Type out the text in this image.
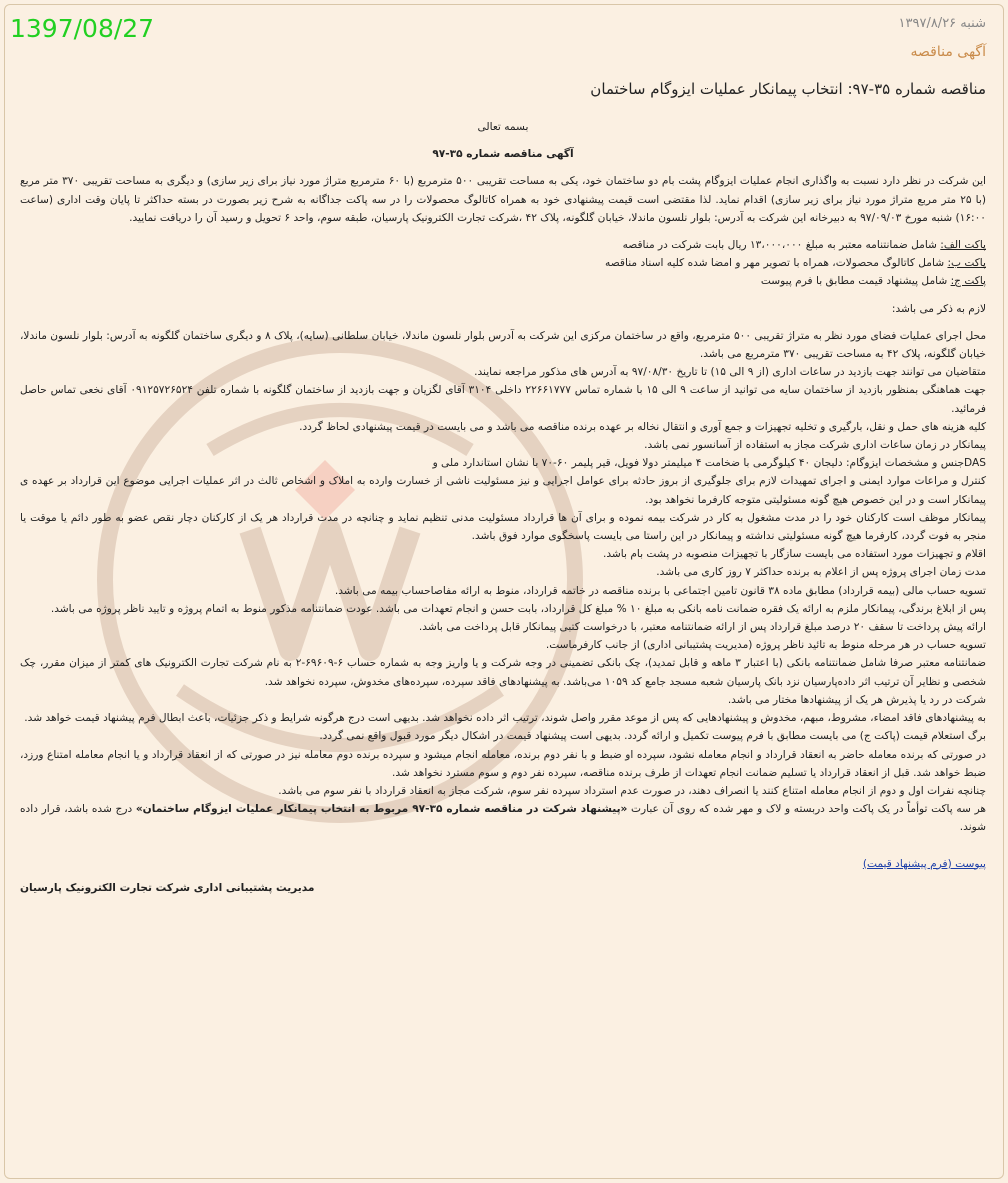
1397/08/27	شنبه ۱۳۹۷/۸/۲۶
آگهی مناقصه
مناقصه شماره ۳۵-۹۷: انتخاب پیمانکار عملیات ایزوگام ساختمان

بسمه تعالی

آگهی مناقصه شماره ۳۵-۹۷

این شرکت در نظر دارد نسبت به واگذاری انجام عملیات ایزوگام پشت بام دو ساختمان خود، یکی به مساحت تقریبی ۵۰۰ مترمربع (با ۶۰ مترمربع متراژ مورد نیاز برای زیر سازی) و دیگری به مساحت تقریبی ۳۷۰ متر مربع (با ۲۵ متر مربع متراژ مورد نیاز برای زیر سازی) اقدام نماید. لذا مقتضی است قیمت پیشنهادی خود به همراه کاتالوگ محصولات را در سه پاکت جداگانه به شرح زیر بصورت در بسته حداکثر تا پایان وقت اداری (ساعت ۱۶:۰۰) شنبه مورخ ۹۷/۰۹/۰۳ به دبیرخانه این شرکت به آدرس: بلوار نلسون ماندلا، خیابان گلگونه، پلاک ۴۲ ،شرکت تجارت الکترونیک پارسیان، طبقه سوم، واحد ۶ تحویل و رسید آن را دریافت نمایید.

پاکت الف: شامل ضمانتنامه معتبر به مبلغ ۱۳،۰۰۰،۰۰۰ ریال بابت شرکت در مناقصه

پاکت ب: شامل کاتالوگ محصولات، همراه با تصویر مهر و امضا شده کلیه اسناد مناقصه

پاکت ج: شامل پیشنهاد قیمت مطابق با فرم پیوست

لازم به ذکر می باشد:

محل اجرای عملیات فضای مورد نظر به متراژ تقریبی ۵۰۰ مترمربع، واقع در ساختمان مرکزی این شرکت به آدرس بلوار نلسون ماندلا، خیابان سلطانی (سایه)، پلاک ۸ و دیگری ساختمان گلگونه به آدرس: بلوار نلسون ماندلا، خیابان گلگونه، پلاک ۴۲ به مساحت تقریبی ۳۷۰ مترمربع می باشد.

متقاضیان می توانند جهت بازدید در ساعات اداری (از ۹ الی ۱۵) تا تاریخ ۹۷/۰۸/۳۰ به آدرس های مذکور مراجعه نمایند.

جهت هماهنگی بمنظور بازدید از ساختمان سایه می توانید از ساعت ۹ الی ۱۵ با شماره تماس ۲۲۶۶۱۷۷۷ داخلی ۳۱۰۴ آقای لگزیان و جهت بازدید از ساختمان گلگونه با شماره تلفن ۰۹۱۲۵۷۲۶۵۲۴ آقای نخعی تماس حاصل فرمائید.

کلیه هزینه های حمل و نقل، بارگیری و تخلیه تجهیزات و جمع آوری و انتقال نخاله بر عهده برنده مناقصه می باشد و می بایست در قیمت پیشنهادی لحاظ گردد.

پیمانکار در زمان ساعات اداری شرکت مجاز به استفاده از آسانسور نمی باشد.

DASجنس و مشخصات ایزوگام: دلیجان ۴۰ کیلوگرمی با ضخامت ۴ میلیمتر دولا فویل، قیر پلیمر ۶۰-۷۰ با نشان استاندارد ملی و

کنترل و مراعات موارد ایمنی و اجرای تمهیدات لازم برای جلوگیری از بروز حادثه برای عوامل اجرایی و نیز مسئولیت ناشی از خسارت وارده به املاک و اشخاص ثالث در اثر عملیات اجرایی موضوع این قرارداد بر عهده ی پیمانکار است و در این خصوص هیچ گونه مسئولیتی متوجه کارفرما نخواهد بود.

پیمانکار موظف است کارکنان خود را در مدت مشغول به کار در شرکت بیمه نموده و برای آن ها قرارداد مسئولیت مدنی تنظیم نماید و چنانچه در مدت قرارداد هر یک از کارکنان دچار نقص عضو به طور دائم یا موقت یا منجر به فوت گردد، کارفرما هیچ گونه مسئولیتی نداشته و پیمانکار در این راستا می بایست پاسخگوی موارد فوق باشد.

اقلام و تجهیزات مورد استفاده می بایست سازگار با تجهیزات منصوبه در پشت بام باشد.

مدت زمان اجرای پروژه پس از اعلام به برنده حداکثر ۷ روز کاری می باشد.

تسویه حساب مالی (بیمه قرارداد) مطابق ماده ۳۸ قانون تامین اجتماعی با برنده مناقصه در خاتمه قرارداد، منوط به ارائه مفاصاحساب بیمه می باشد.

پس از ابلاغ برندگی، پیمانکار ملزم به ارائه یک فقره ضمانت نامه بانکی به مبلغ ۱۰ % مبلغ کل قرارداد، بابت حسن و انجام تعهدات می باشد. عودت ضمانتنامه مذکور منوط به اتمام پروژه و تایید ناظر پروژه می باشد.

ارائه پیش پرداخت تا سقف ۲۰ درصد مبلغ قرارداد پس از ارائه ضمانتنامه معتبر، با درخواست کتبی پیمانکار قابل پرداخت می باشد.

تسویه حساب در هر مرحله منوط به تائید ناظر پروژه (مدیریت پشتیبانی اداری) از جانب کارفرماست.

ضمانتنامه معتبر صرفا شامل ضمانتنامه بانکی (با اعتبار ۳ ماهه و قابل تمدید)، چک بانکی تضمینی در وجه شرکت و یا واریز وجه به شماره حساب ۶-۶۹۶۰۹-۲ به نام شرکت تجارت الکترونیک های کمتر از میزان مقرر، چک شخصی و نظایر آن ترتیب اثر داده‌پارسیان نزد بانک پارسیان شعبه مسجد جامع کد ۱۰۵۹ می‌باشد. به پیشنهادهای فاقد سپرده، سپرده‌های مخدوش، سپرده نخواهد شد.

شرکت در رد یا پذیرش هر یک از پیشنهادها مختار می باشد.

به پیشنهادهای فاقد امضاء، مشروط، مبهم، مخدوش و پیشنهادهایی که پس از موعد مقرر واصل شوند، ترتیب اثر داده نخواهد شد. بدیهی است درج هرگونه شرایط و ذکر جزئیات، باعث ابطال فرم پیشنهاد قیمت خواهد شد.

برگ استعلام قیمت (پاکت ج) می بایست مطابق با فرم پیوست تکمیل و ارائه گردد. بدیهی است پیشنهاد قیمت در اشکال دیگر مورد قبول واقع نمی گردد.

در صورتی که برنده معامله حاضر به انعقاد قرارداد و انجام معامله نشود، سپرده او ضبط و با نفر دوم برنده، معامله انجام میشود و سپرده برنده دوم معامله نیز در صورتی که از انعقاد قرارداد و یا انجام معامله امتناع ورزد، ضبط خواهد شد. قبل از انعقاد قرارداد یا تسلیم ضمانت انجام تعهدات از طرف برنده مناقصه، سپرده نفر دوم و سوم مسترد نخواهد شد.

چنانچه نفرات اول و دوم از انجام معامله امتناع کنند یا انصراف دهند، در صورت عدم استرداد سپرده نفر سوم، شرکت مجاز به انعقاد قرارداد با نفر سوم می باشد.

هر سه پاکت توأماً در یک پاکت واحد دربسته و لاک و مهر شده که روی آن عبارت «پیشنهاد شرکت در مناقصه شماره ۳۵-۹۷ مربوط به انتخاب پیمانکار عملیات ایزوگام ساختمان» درج شده باشد، قرار داده شوند.

پیوست (فرم پیشنهاد قیمت)

مدیریت پشتیبانی اداری شرکت تجارت الکترونیک پارسیان
